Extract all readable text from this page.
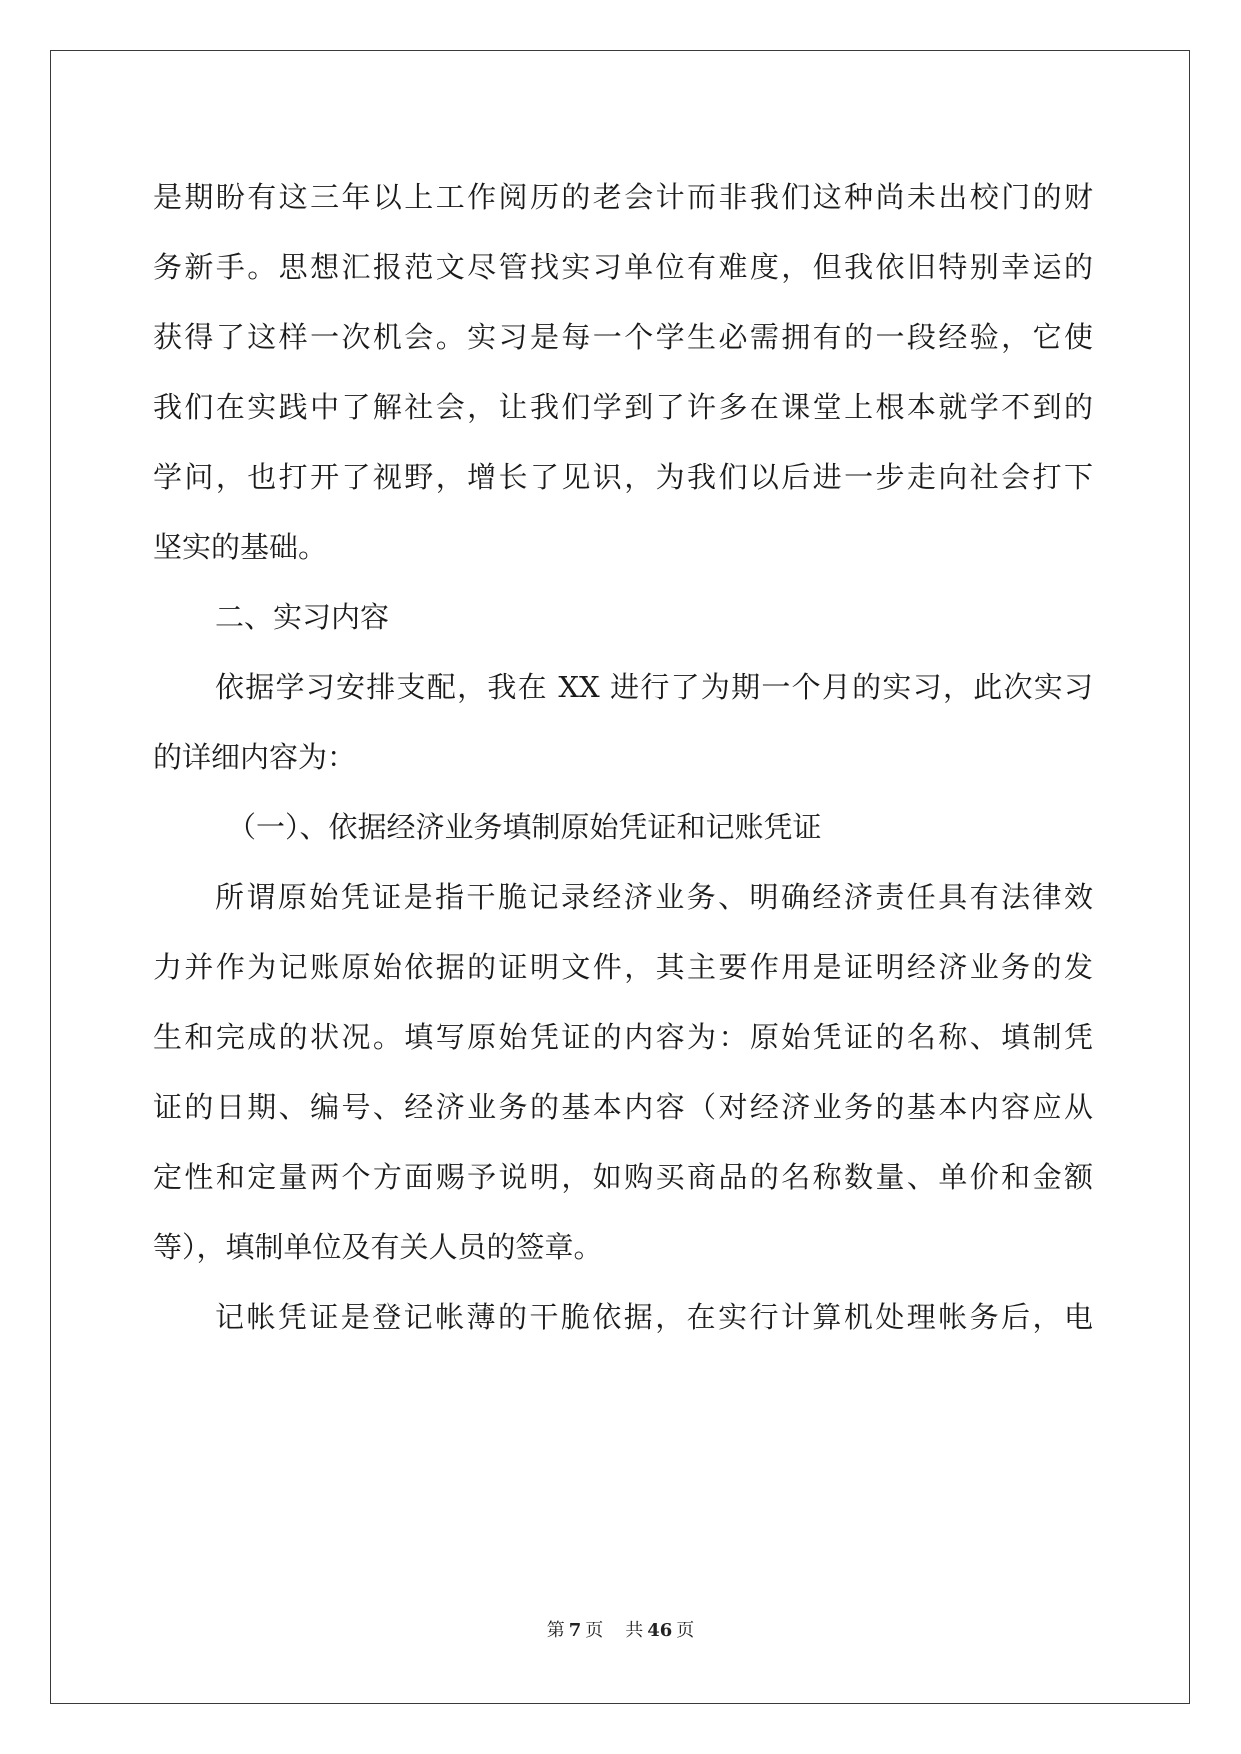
是期盼有这三年以上工作阅历的老会计而非我们这种尚未出校门的财
务新手。思想汇报范文尽管找实习单位有难度，但我依旧特别幸运的
获得了这样一次机会。实习是每一个学生必需拥有的一段经验，它使
我们在实践中了解社会，让我们学到了许多在课堂上根本就学不到的
学问，也打开了视野，增长了见识，为我们以后进一步走向社会打下
坚实的基础。
二、实习内容
依据学习安排支配，我在 XX 进行了为期一个月的实习，此次实习
的详细内容为：
（一）、依据经济业务填制原始凭证和记账凭证
所谓原始凭证是指干脆记录经济业务、明确经济责任具有法律效
力并作为记账原始依据的证明文件，其主要作用是证明经济业务的发
生和完成的状况。填写原始凭证的内容为：原始凭证的名称、填制凭
证的日期、编号、经济业务的基本内容（对经济业务的基本内容应从
定性和定量两个方面赐予说明，如购买商品的名称数量、单价和金额
等），填制单位及有关人员的签章。
记帐凭证是登记帐薄的干脆依据，在实行计算机处理帐务后，电
第 7 页 共 46 页
